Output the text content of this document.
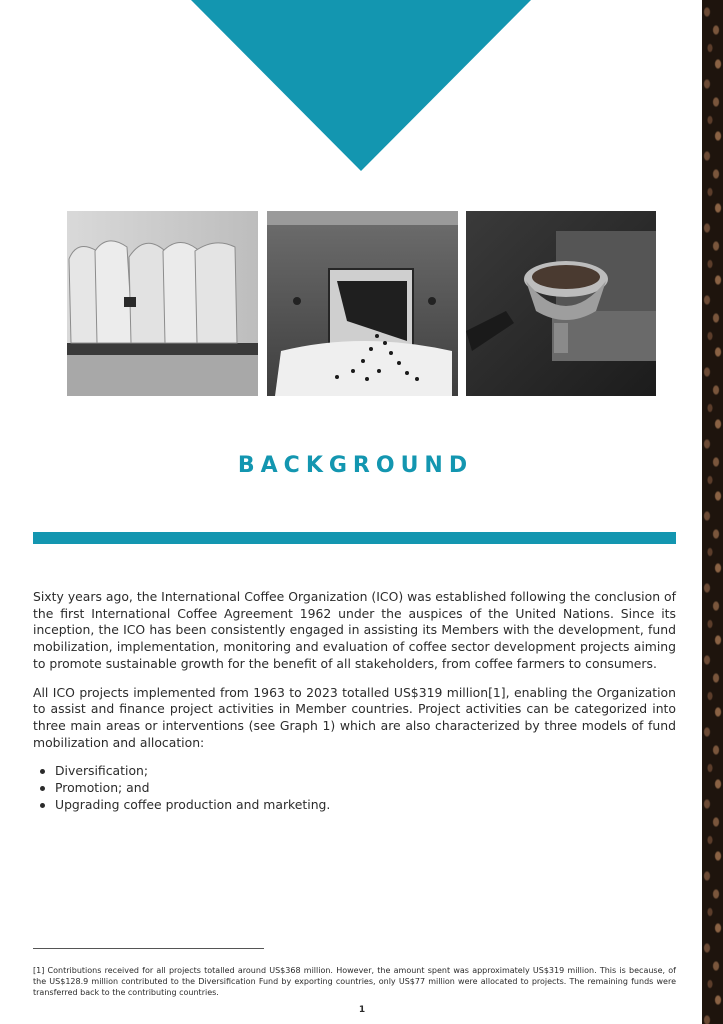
BACKGROUND

Sixty years ago, the International Coffee Organization (ICO) was established following the conclusion of the first International Coffee Agreement 1962 under the auspices of the United Nations. Since its inception, the ICO has been consistently engaged in assisting its Members with the development, fund mobilization, implementation, monitoring and evaluation of coffee sector development projects aiming to promote sustainable growth for the benefit of all stakeholders, from coffee farmers to consumers.

All ICO projects implemented from 1963 to 2023 totalled US$319 million[1], enabling the Organization to assist and finance project activities in Member countries. Project activities can be categorized into three main areas or interventions (see Graph 1) which are also characterized by three models of fund mobilization and allocation:

Diversification;
Promotion; and
Upgrading coffee production and marketing.
[1] Contributions received for all projects totalled around US$368 million. However, the amount spent was approximately US$319 million. This is because, of the US$128.9 million contributed to the Diversification Fund by exporting countries, only US$77 million were allocated to projects. The remaining funds were transferred back to the contributing countries.
1
